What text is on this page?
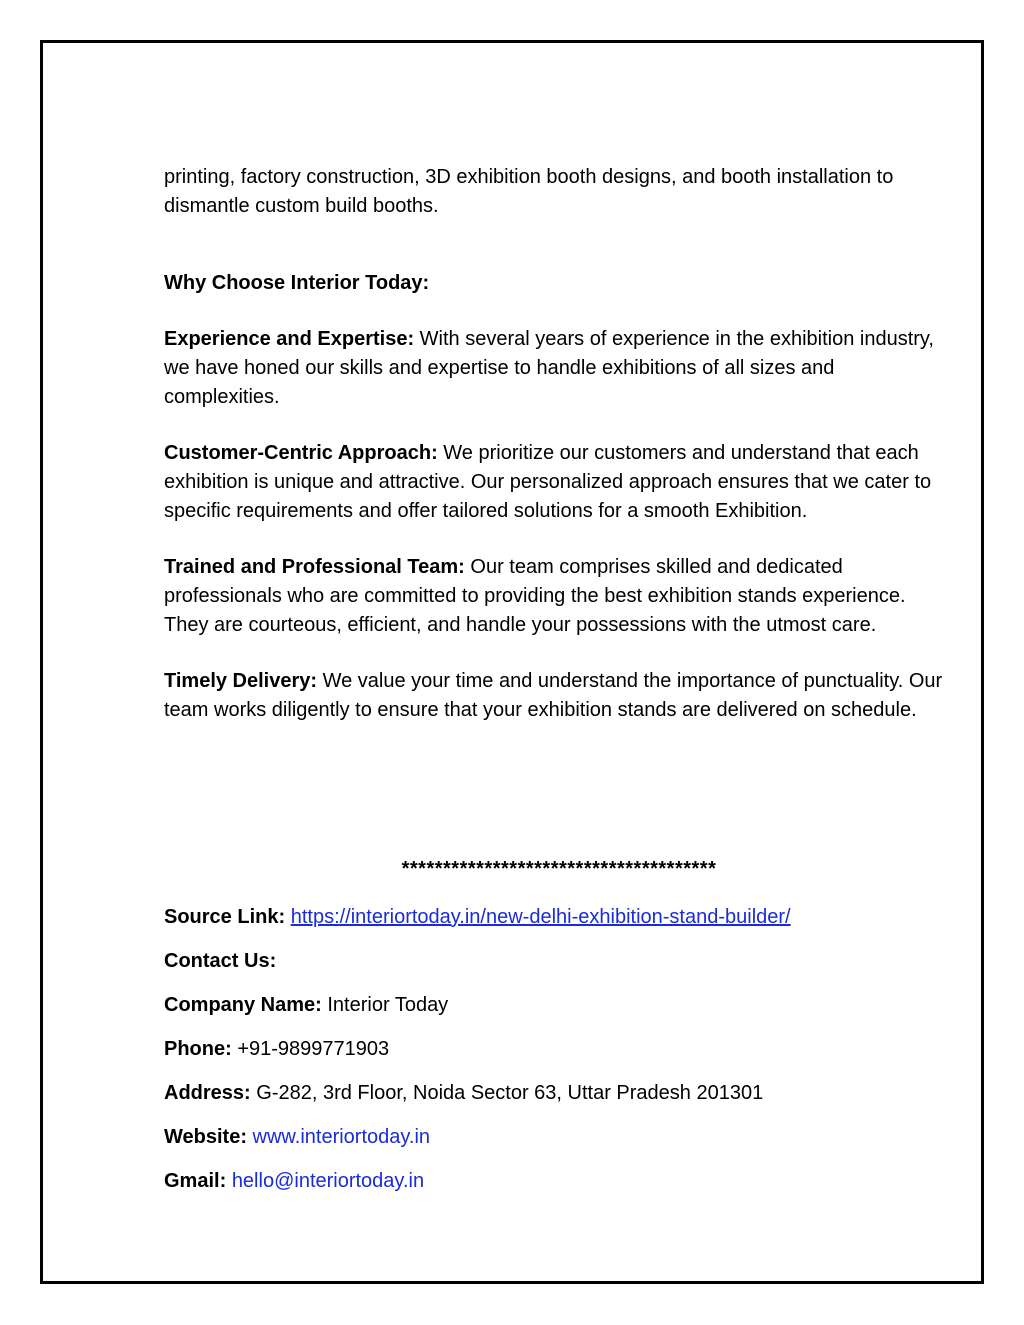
printing, factory construction, 3D exhibition booth designs, and booth installation to dismantle custom build booths.

Why Choose Interior Today:

Experience and Expertise: With several years of experience in the exhibition industry, we have honed our skills and expertise to handle exhibitions of all sizes and complexities.

Customer-Centric Approach: We prioritize our customers and understand that each exhibition is unique and attractive. Our personalized approach ensures that we cater to specific requirements and offer tailored solutions for a smooth Exhibition.

Trained and Professional Team: Our team comprises skilled and dedicated professionals who are committed to providing the best exhibition stands experience. They are courteous, efficient, and handle your possessions with the utmost care.

Timely Delivery: We value your time and understand the importance of punctuality. Our team works diligently to ensure that your exhibition stands are delivered on schedule.

**************************************
Source Link: https://interiortoday.in/new-delhi-exhibition-stand-builder/
Contact Us:
Company Name: Interior Today
Phone: +91-9899771903
Address: G-282, 3rd Floor, Noida Sector 63, Uttar Pradesh 201301
Website: www.interiortoday.in
Gmail: hello@interiortoday.in
